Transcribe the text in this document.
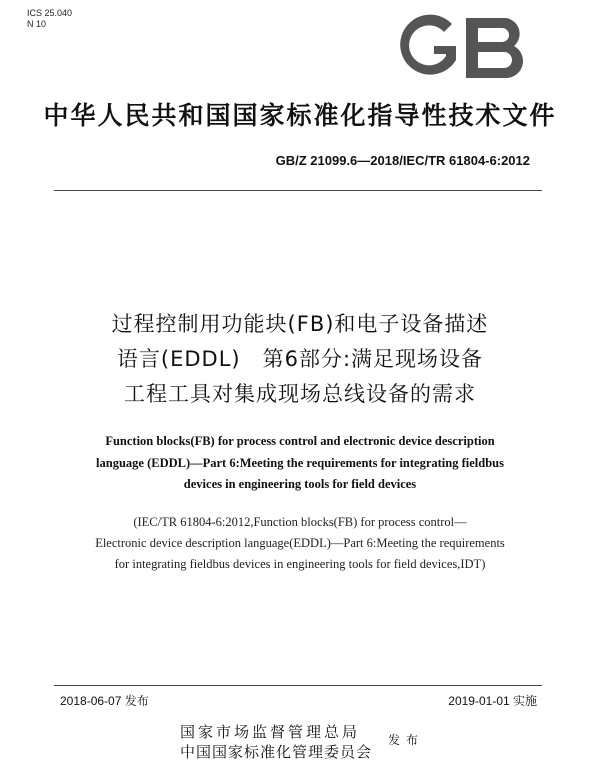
ICS 25.040
N 10
GB
中华人民共和国国家标准化指导性技术文件
GB/Z 21099.6—2018/IEC/TR 61804-6:2012
过程控制用功能块(FB)和电子设备描述
语言(EDDL)　第6部分:满足现场设备
工程工具对集成现场总线设备的需求
Function blocks(FB) for process control and electronic device description
language (EDDL)—Part 6:Meeting the requirements for integrating fieldbus
devices in engineering tools for field devices
(IEC/TR 61804-6:2012,Function blocks(FB) for process control—
Electronic device description language(EDDL)—Part 6:Meeting the requirements
for integrating fieldbus devices in engineering tools for field devices,IDT)
2018-06-07 发布	2019-01-01 实施
国家市场监督管理总局
中国国家标准化管理委员会
发布
